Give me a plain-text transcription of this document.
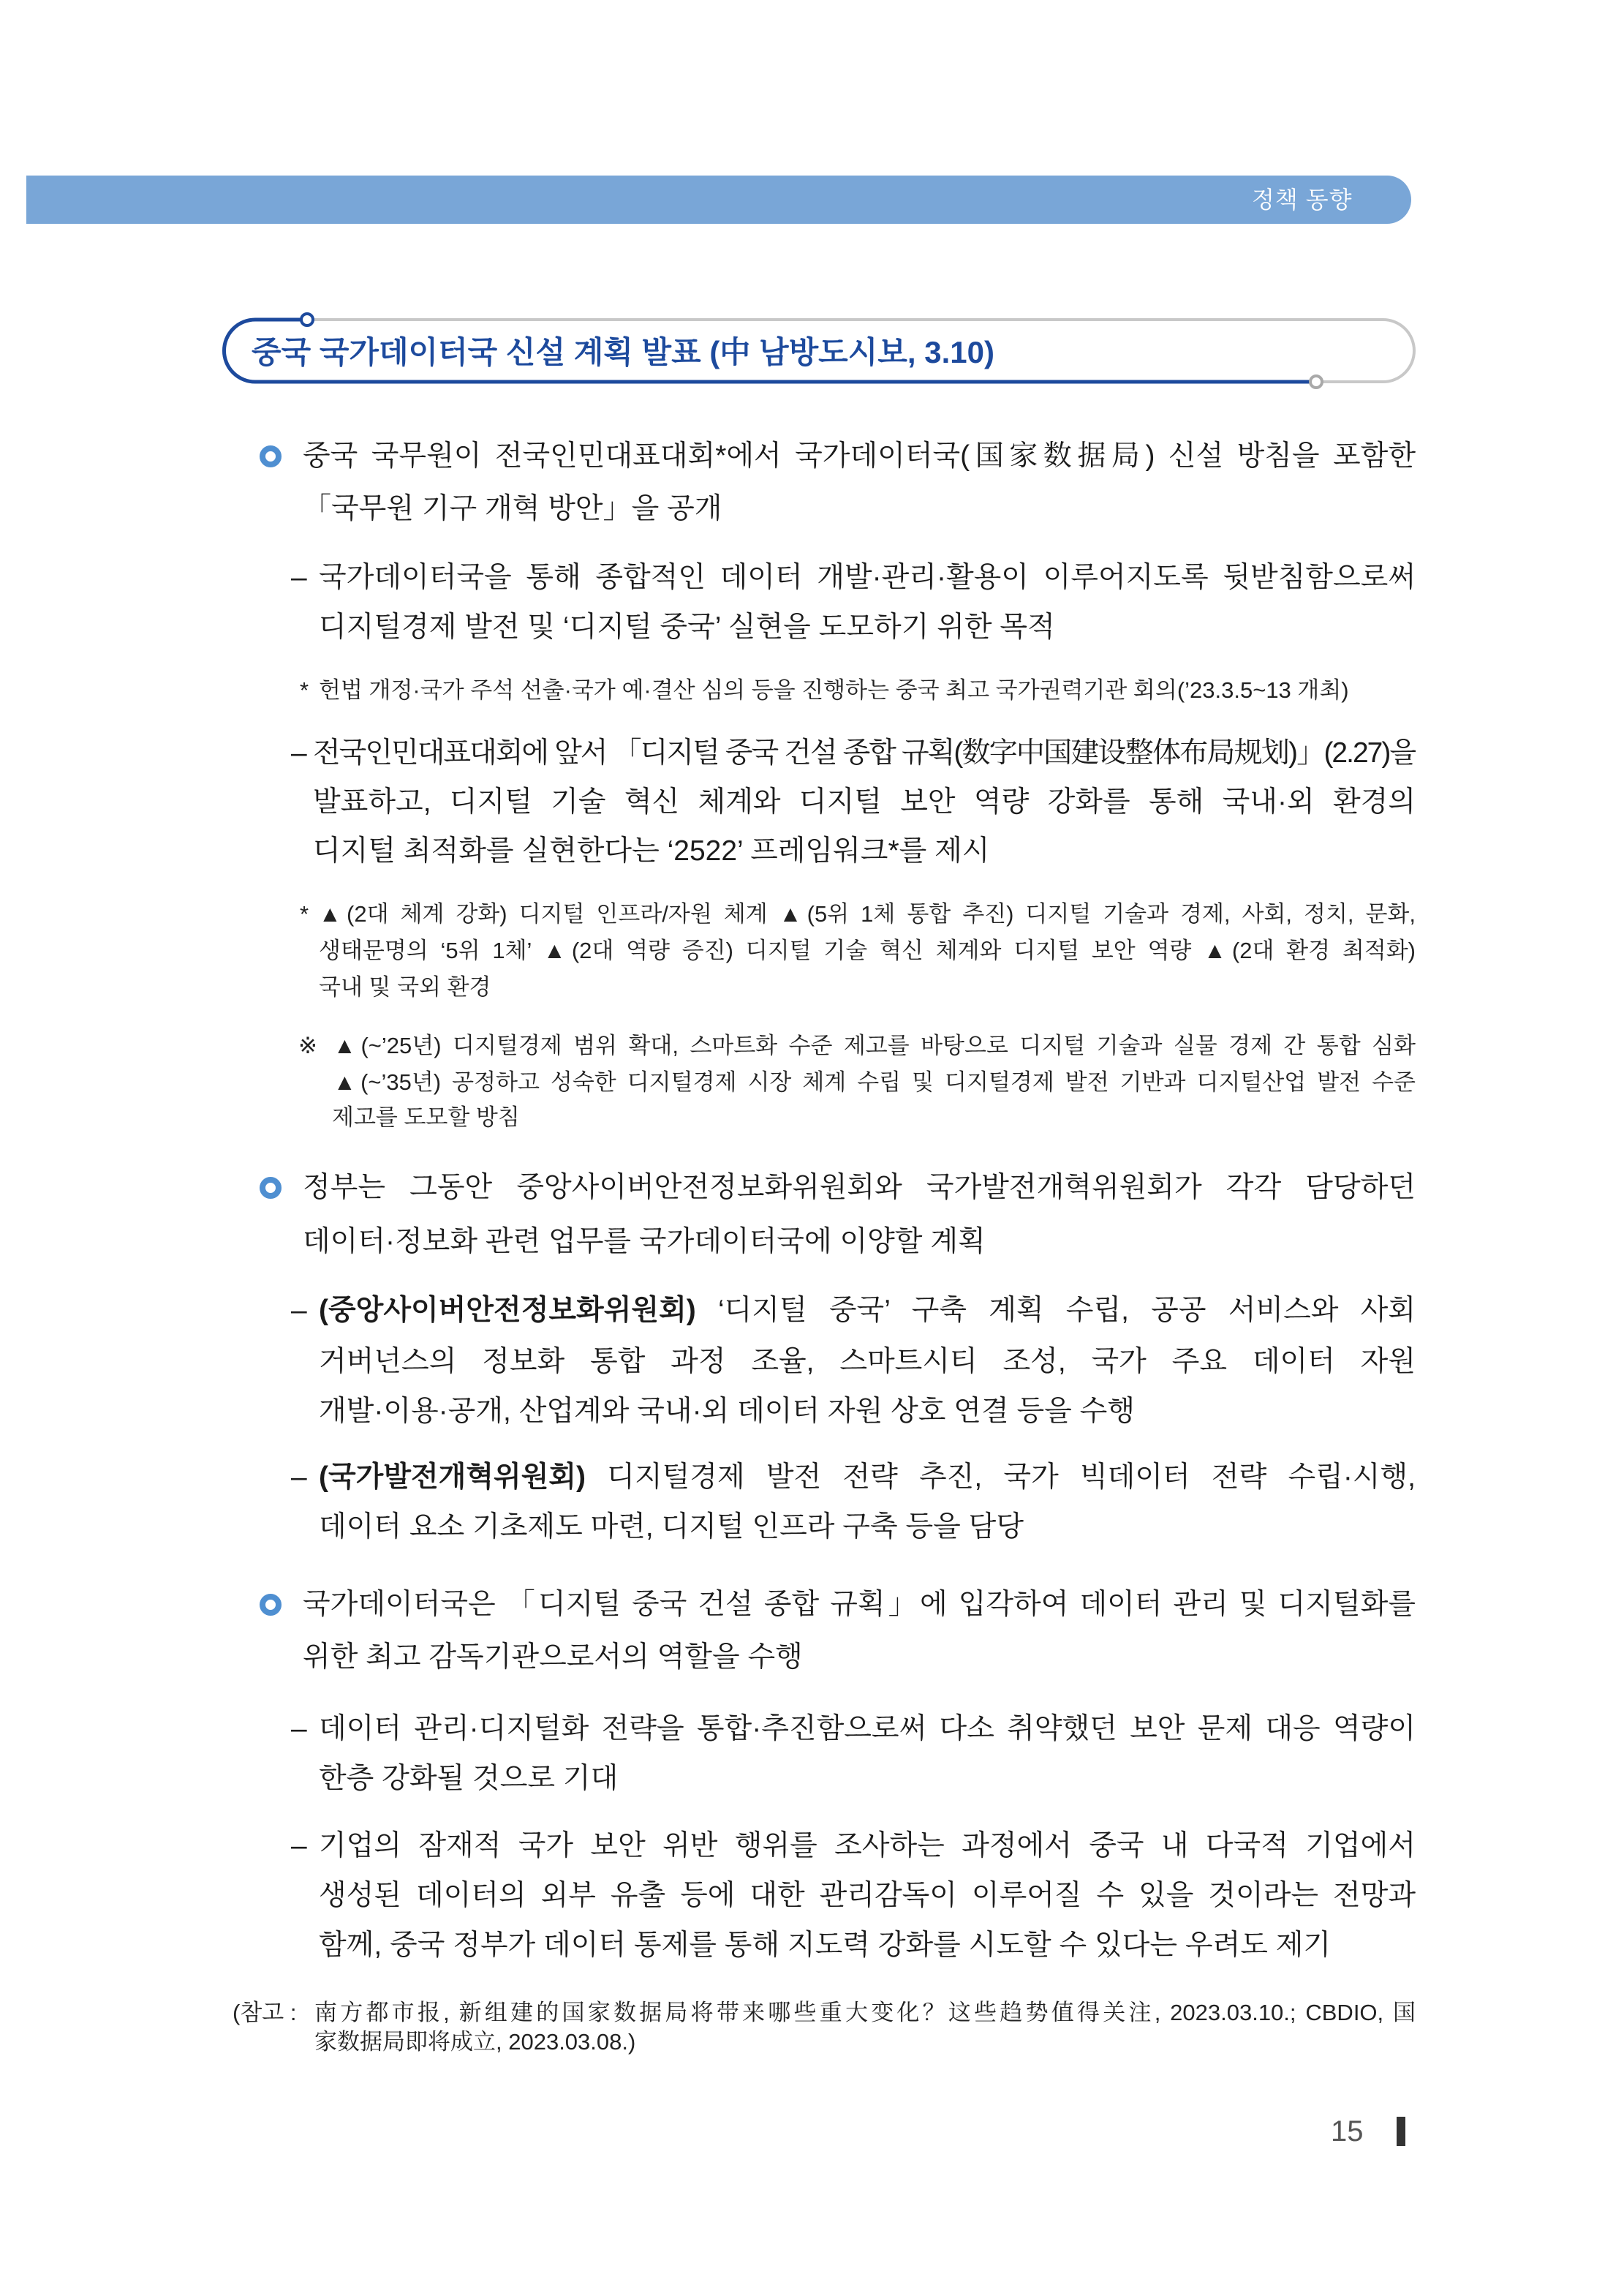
정책 동향
중국 국가데이터국 신설 계획 발표 (中 남방도시보, 3.10)
중국 국무원이 전국인민대표대회*에서 국가데이터국(国家数据局) 신설 방침을 포함한
「국무원 기구 개혁 방안」을 공개
– 국가데이터국을 통해 종합적인 데이터 개발·관리·활용이 이루어지도록 뒷받침함으로써
디지털경제 발전 및 ‘디지털 중국’ 실현을 도모하기 위한 목적
* 헌법 개정·국가 주석 선출·국가 예·결산 심의 등을 진행하는 중국 최고 국가권력기관 회의(’23.3.5~13 개최)
– 전국인민대표대회에 앞서 「디지털 중국 건설 종합 규획(数字中国建设整体布局规划)」(2.27)을
발표하고, 디지털 기술 혁신 체계와 디지털 보안 역량 강화를 통해 국내·외 환경의
디지털 최적화를 실현한다는 ‘2522’ 프레임워크*를 제시
* ▲(2대 체계 강화) 디지털 인프라/자원 체계 ▲(5위 1체 통합 추진) 디지털 기술과 경제, 사회, 정치, 문화,
생태문명의 ‘5위 1체’ ▲(2대 역량 증진) 디지털 기술 혁신 체계와 디지털 보안 역량 ▲(2대 환경 최적화)
국내 및 국외 환경
※ ▲(~’25년) 디지털경제 범위 확대, 스마트화 수준 제고를 바탕으로 디지털 기술과 실물 경제 간 통합 심화
▲(~’35년) 공정하고 성숙한 디지털경제 시장 체계 수립 및 디지털경제 발전 기반과 디지털산업 발전 수준
제고를 도모할 방침
정부는 그동안 중앙사이버안전정보화위원회와 국가발전개혁위원회가 각각 담당하던
데이터·정보화 관련 업무를 국가데이터국에 이양할 계획
– (중앙사이버안전정보화위원회) ‘디지털 중국’ 구축 계획 수립, 공공 서비스와 사회
거버넌스의 정보화 통합 과정 조율, 스마트시티 조성, 국가 주요 데이터 자원
개발·이용·공개, 산업계와 국내·외 데이터 자원 상호 연결 등을 수행
– (국가발전개혁위원회) 디지털경제 발전 전략 추진, 국가 빅데이터 전략 수립·시행,
데이터 요소 기초제도 마련, 디지털 인프라 구축 등을 담당
국가데이터국은 「디지털 중국 건설 종합 규획」에 입각하여 데이터 관리 및 디지털화를
위한 최고 감독기관으로서의 역할을 수행
– 데이터 관리·디지털화 전략을 통합·추진함으로써 다소 취약했던 보안 문제 대응 역량이
한층 강화될 것으로 기대
– 기업의 잠재적 국가 보안 위반 행위를 조사하는 과정에서 중국 내 다국적 기업에서
생성된 데이터의 외부 유출 등에 대한 관리감독이 이루어질 수 있을 것이라는 전망과
함께, 중국 정부가 데이터 통제를 통해 지도력 강화를 시도할 수 있다는 우려도 제기
(참고 : 南方都市报, 新组建的国家数据局将带来哪些重大变化？这些趋势值得关注, 2023.03.10.; CBDIO, 国
家数据局即将成立, 2023.03.08.)
15
